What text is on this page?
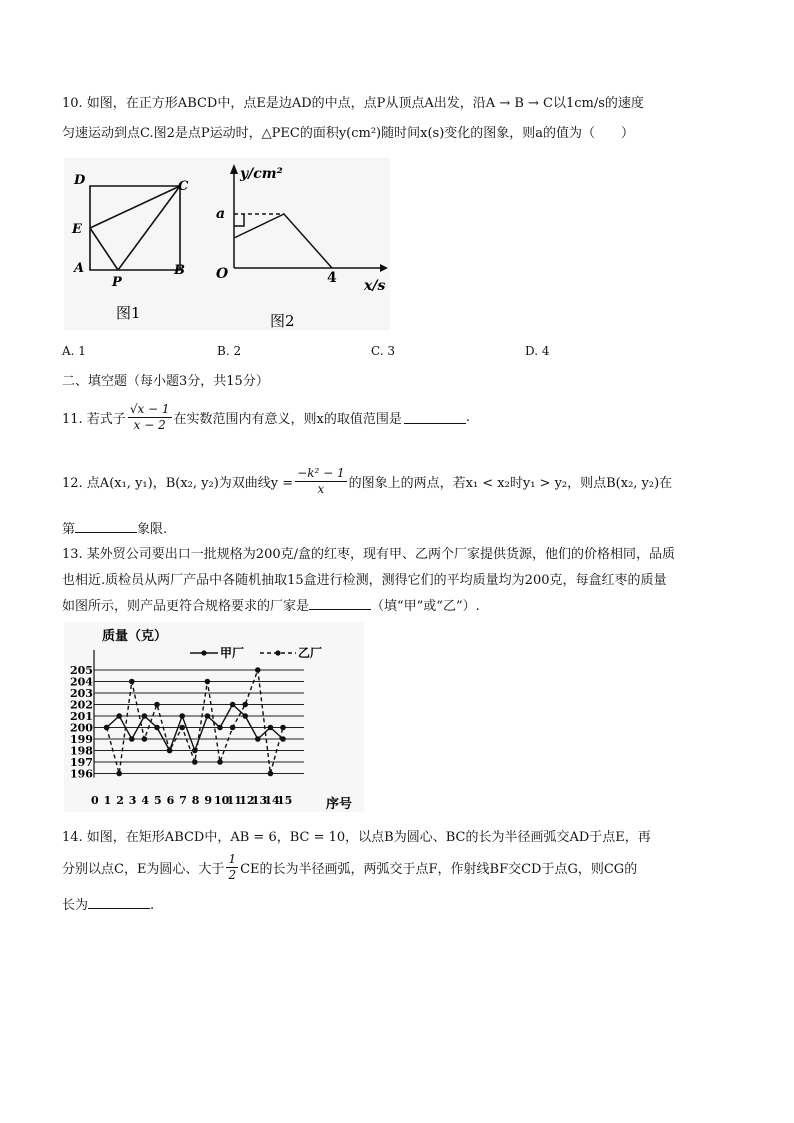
10. 如图，在正方形ABCD中，点E是边AD的中点，点P从顶点A出发，沿A → B → C以1cm/s的速度
匀速运动到点C.图2是点P运动时，△PEC的面积y(cm²)随时间x(s)变化的图象，则a的值为（　　）
D	C
E
A
P
B
图1
y/cm²
a
O	4 x/s
图2
A. 1	B. 2	C. 3	D. 4
二、填空题（每小题3分，共15分）
11. 若式子 $\frac{√x - 1}{x - 2}$ 在实数范围内有意义，则x的取值范围是	.
12. 点A(x₁, y₁)，B(x₂, y₂)为双曲线$y = \frac{\text{−k² − 1}}{x}$ 的图象上的两点，若x₁ < x₂时y₁ > y₂，则点B(x₂, y₂)在
第	象限.
13. 某外贸公司要出口一批规格为200克/盒的红枣，现有甲、乙两个厂家提供货源，他们的价格相同，品质
也相近.质检员从两厂产品中各随机抽取15盒进行检测，测得它们的平均质量均为200克，每盒红枣的质量
如图所示，则产品更符合规格要求的厂家是	（填“甲”或“乙”）.
196
197
198
199
200
201
202
203
204
205
0 1 2 3 4 5 6 7 8 9 10
11
12
13
14
15
质量（克）
序号
甲厂	乙厂
14. 如图，在矩形ABCD中，AB = 6，BC = 10，以点B为圆心、BC的长为半径画弧交AD于点E，再
分别以点C，E为圆心、大于 $\frac{1}{2}$ CE的长为半径画弧，两弧交于点F，作射线BF交CD于点G，则CG的
长为	.
